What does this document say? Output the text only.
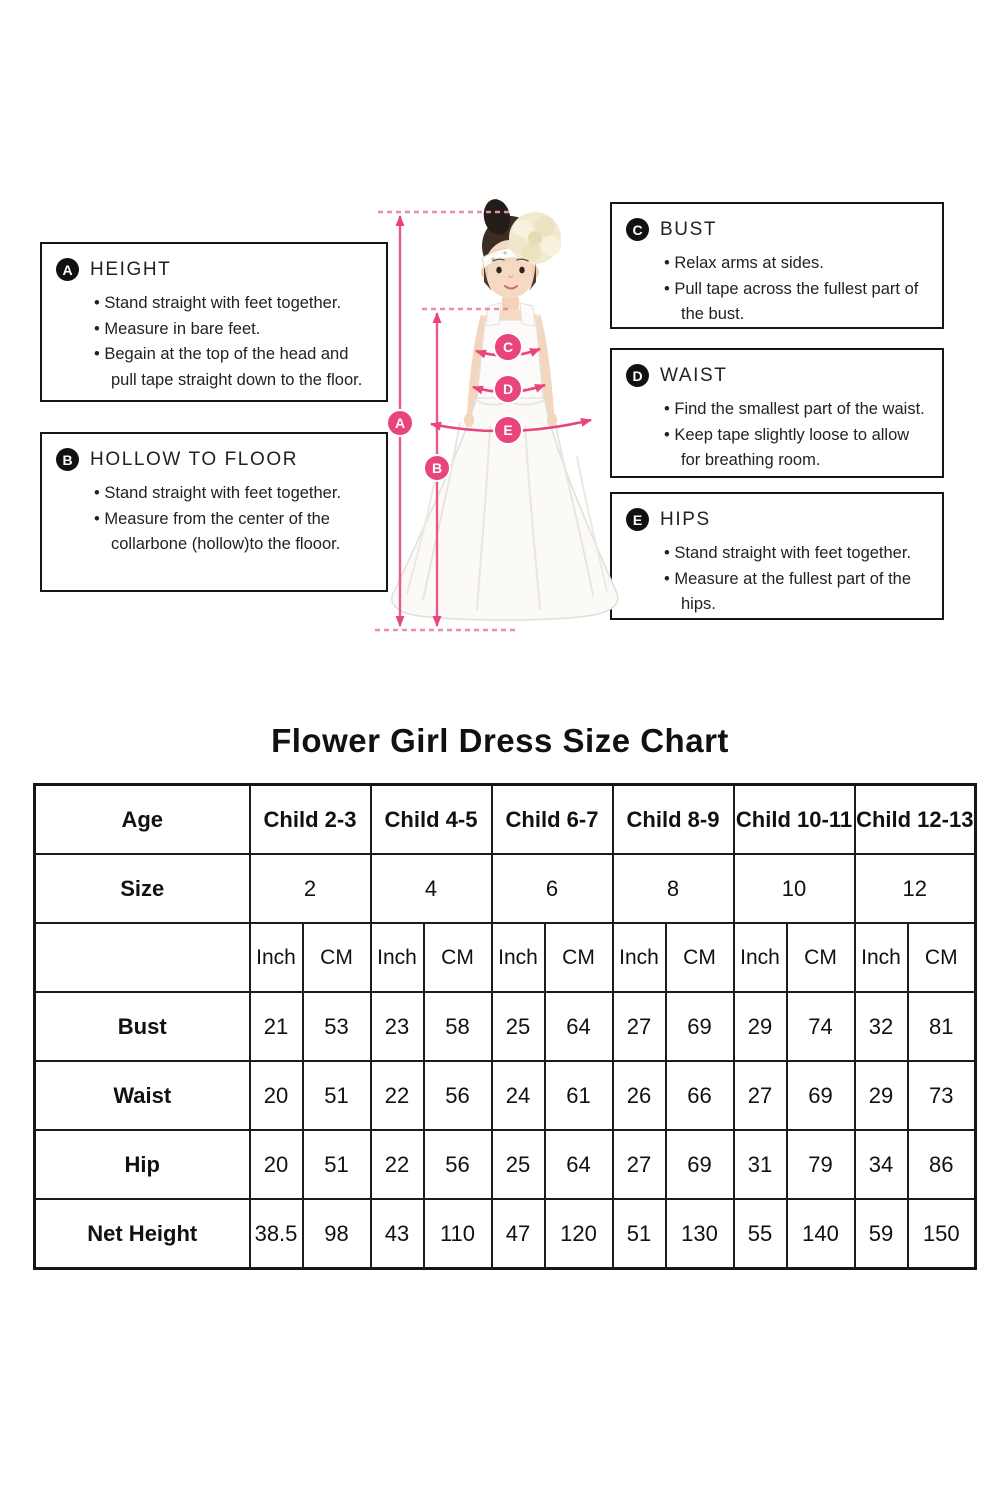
A HEIGHT
• Stand straight with feet together.
• Measure in bare feet.
• Begain at the top of the head and pull tape straight down to the floor.
B HOLLOW TO FLOOR
• Stand straight with feet together.
• Measure from the center of the collarbone (hollow)to the flooor.
C BUST
• Relax arms at sides.
• Pull tape across the fullest part of the bust.
D WAIST
• Find the smallest part of the waist.
• Keep tape slightly loose to allow for breathing room.
E HIPS
• Stand straight with feet together.
• Measure at the fullest part of the hips.
A
B
C
D
E
Flower Girl Dress Size Chart
Age	Child 2-3		Child 4-5		Child 6-7		Child 8-9		Child 10-11		Child 12-13	
Size	2		4		6		8		10		12	
	Inch	CM	Inch	CM	Inch	CM	Inch	CM	Inch	CM	Inch	CM
Bust	21	53	23	58	25	64	27	69	29	74	32	81
Waist	20	51	22	56	24	61	26	66	27	69	29	73
Hip	20	51	22	56	25	64	27	69	31	79	34	86
Net Height	38.5	98	43	110	47	120	51	130	55	140	59	150
